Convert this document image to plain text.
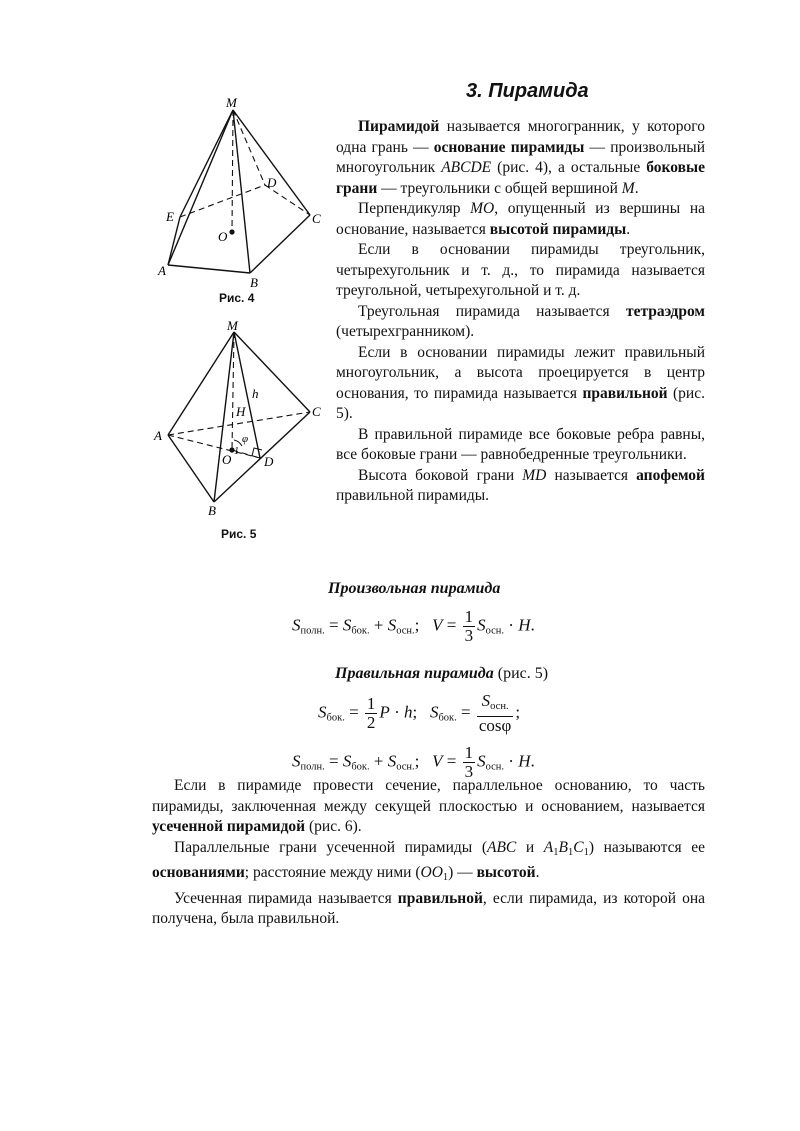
M
D
E	C
O
A
B
Рис. 4
M
h
H	C
A	φ
1
O	D
B
Рис. 5
3. Пирамида

Пирамидой называется многогранник, у которого одна грань — основание пирамиды — произвольный многоугольник ABCDE (рис. 4), а остальные боковые грани — треугольники с общей вершиной M.

Перпендикуляр MO, опущенный из вершины на основание, называется высотой пирамиды.

Если в основании пирамиды треугольник, четырехугольник и т. д., то пирамида называется треугольной, четырехугольной и т. д.

Треугольная пирамида называется тетраэдром (четырехгранником).

Если в основании пирамиды лежит правильный многоугольник, а высота проецируется в центр основания, то пирамида называется правильной (рис. 5).

В правильной пирамиде все боковые ребра равны, все боковые грани — равнобедренные треугольники.

Высота боковой грани MD называется апофемой правильной пирамиды.

Произвольная пирамида
$S_{полн.} = S_{бок.} + S_{осн.}$;   $V = \frac{1}{3} S_{осн.} \cdot H$.
Правильная пирамида (рис. 5)
$S_{бок.} = \frac{1}{2}$ P · h;   $S_{бок.} = \frac{S_{осн.}}{\cos\varphi}$ ;
$S_{полн.} = S_{бок.} + S_{осн.}$;   $V = \frac{1}{3} S_{осн.} \cdot H$.

Если в пирамиде провести сечение, параллельное основанию, то часть пирамиды, заключенная между секущей плоскостью и основанием, называется усеченной пирамидой (рис. 6).

Параллельные грани усеченной пирамиды (ABC и $A_1B_1C_1$) называются ее основаниями; расстояние между ними $(OO_1)$ — высотой.

Усеченная пирамида называется правильной, если пирамида, из которой она получена, была правильной.
